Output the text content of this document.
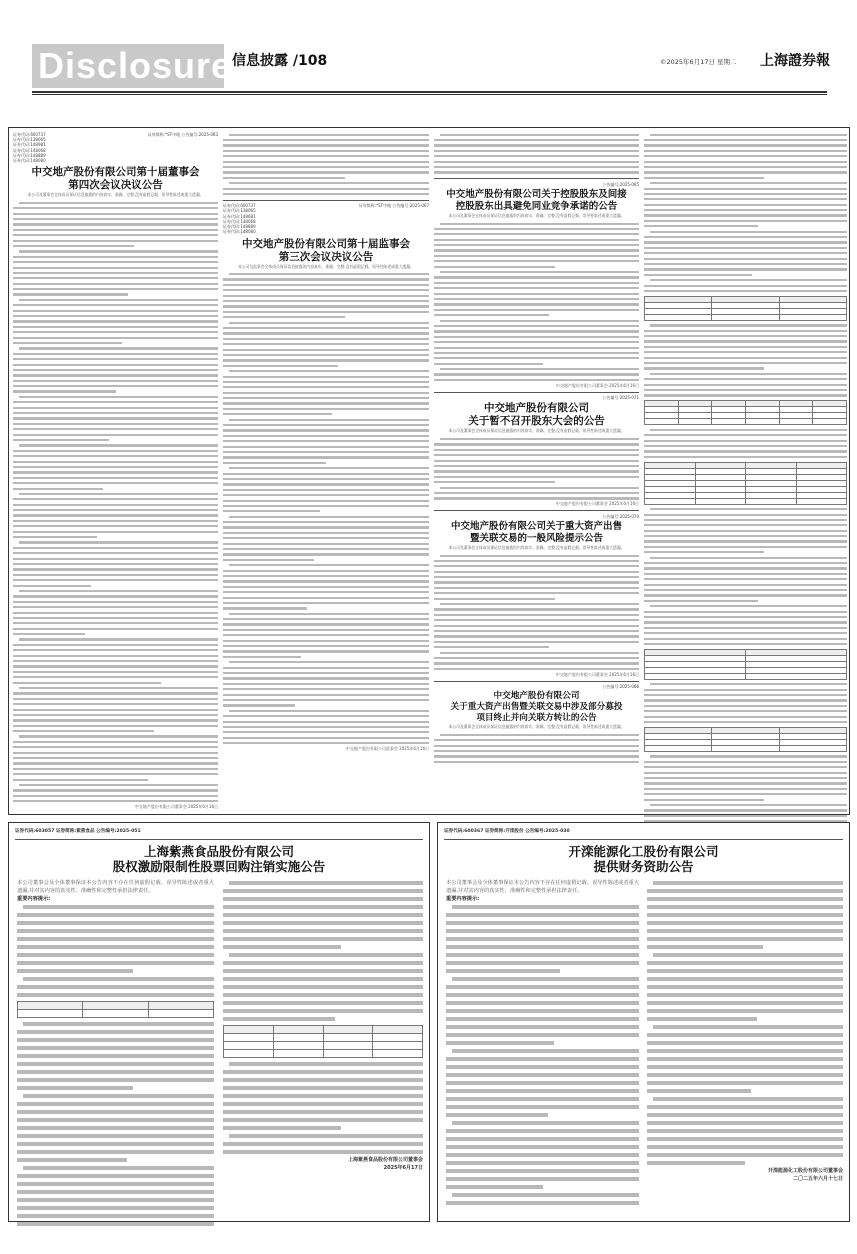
Disclosure 信息披露 /108	©2025年6月17日 星期二 上海證券報
证券代码:600737
证券代码:138065
证券代码:148981
证券代码:148068
证券代码:148889
证券代码:148080
证券简称:*ST中地 公告编号:2025-063
中交地产股份有限公司第十届董事会
第四次会议决议公告
本公司及董事会全体成员保证信息披露的内容真实、准确、完整,没有虚假记载、误导性陈述或重大遗漏。
中交地产股份有限公司董事会 2025年6月16日
证券代码:600737
证券代码:138065
证券代码:148681
证券代码:148068
证券代码:148889
证券代码:148080
证券简称:*ST中地 公告编号:2025-067
中交地产股份有限公司第十届监事会
第三次会议决议公告
本公司及监事会全体成员保证信息披露的内容真实、准确、完整,没有虚假记载、误导性陈述或重大遗漏。
中交地产股份有限公司监事会 2025年6月16日
公告编号:2025-065
中交地产股份有限公司关于控股股东及间接
控股股东出具避免同业竞争承诺的公告
本公司及董事会全体成员保证信息披露的内容真实、准确、完整,没有虚假记载、误导性陈述或重大遗漏。
中交地产股份有限公司董事会 2025年6月16日
公告编号:2025-071
中交地产股份有限公司
关于暂不召开股东大会的公告
本公司及董事会全体成员保证信息披露的内容真实、准确、完整,没有虚假记载、误导性陈述或重大遗漏。
中交地产股份有限公司董事会 2025年6月16日
公告编号:2025-070
中交地产股份有限公司关于重大资产出售
暨关联交易的一般风险提示公告
本公司及董事会全体成员保证信息披露的内容真实、准确、完整,没有虚假记载、误导性陈述或重大遗漏。
中交地产股份有限公司董事会 2025年6月16日
公告编号:2025-066
中交地产股份有限公司
关于重大资产出售暨关联交易中涉及部分募投
项目终止并向关联方转让的公告
本公司及董事会全体成员保证信息披露的内容真实、准确、完整,没有虚假记载、误导性陈述或重大遗漏。

证券代码:603057 证券简称:紫燕食品 公告编号:2025-051
上海紫燕食品股份有限公司
股权激励限制性股票回购注销实施公告
本公司董事会及全体董事保证本公告内容不存在任何虚假记载、误导性陈述或者重大遗漏,并对其内容的真实性、准确性和完整性承担法律责任。
重要内容提示:

上海紫燕食品股份有限公司董事会
2025年6月17日
证券代码:600367 证券简称:开滦股份 公告编号:2025-030
开滦能源化工股份有限公司
提供财务资助公告
本公司董事会及全体董事保证本公告内容不存在任何虚假记载、误导性陈述或者重大遗漏,并对其内容的真实性、准确性和完整性承担法律责任。
重要内容提示:
开滦能源化工股份有限公司董事会
二〇二五年六月十七日
